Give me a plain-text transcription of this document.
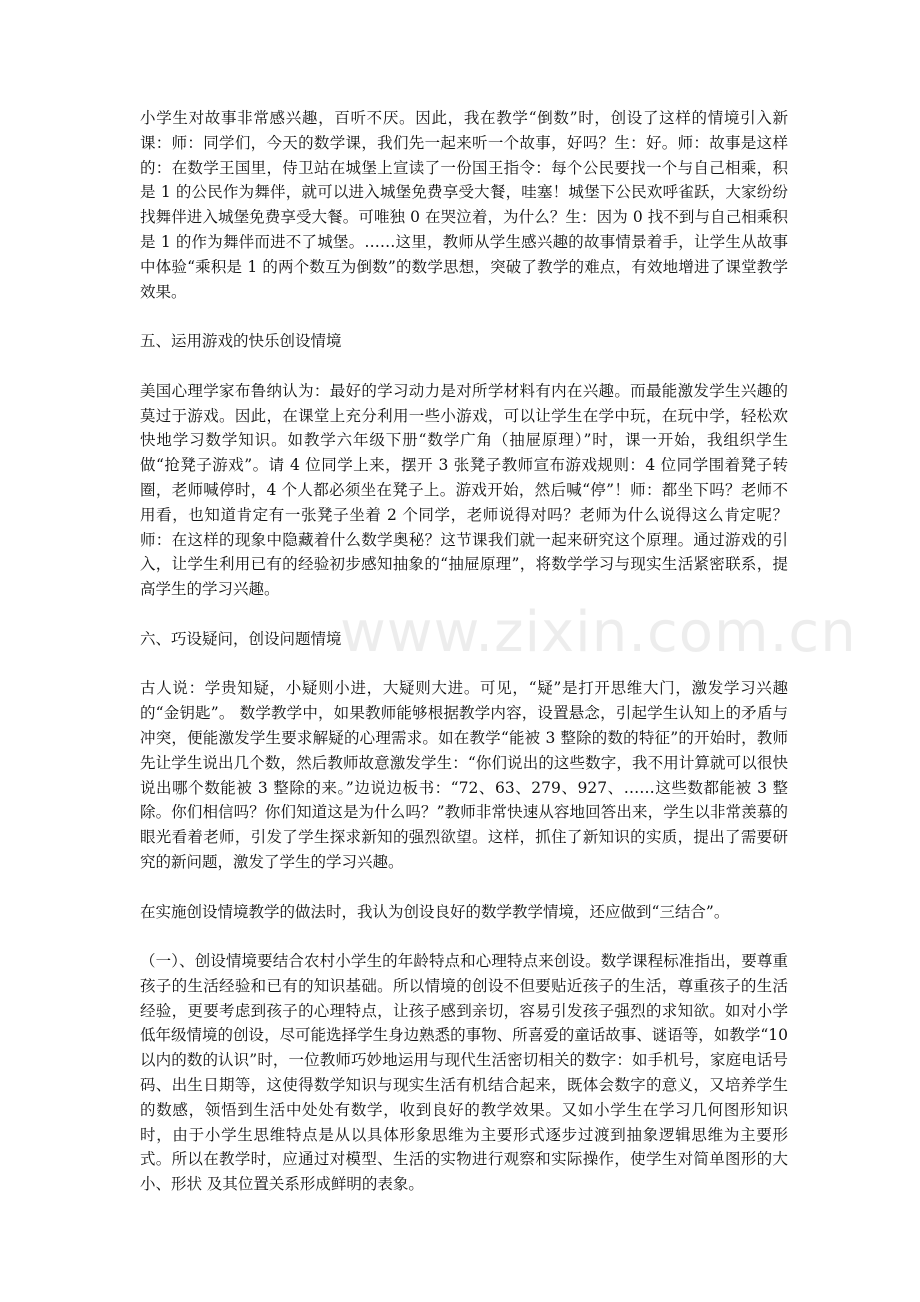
www.zixin.com.cn

小学生对故事非常感兴趣，百听不厌。因此，我在教学“倒数”时，创设了这样的情境引入新课：师：同学们，今天的数学课，我们先一起来听一个故事，好吗？生：好。师：故事是这样的：在数学王国里，侍卫站在城堡上宣读了一份国王指令：每个公民要找一个与自己相乘，积是 1 的公民作为舞伴，就可以进入城堡免费享受大餐，哇塞！城堡下公民欢呼雀跃，大家纷纷找舞伴进入城堡免费享受大餐。可唯独 0 在哭泣着，为什么？生：因为 0 找不到与自己相乘积是 1 的作为舞伴而进不了城堡。……这里，教师从学生感兴趣的故事情景着手，让学生从故事中体验“乘积是 1 的两个数互为倒数”的数学思想，突破了教学的难点，有效地增进了课堂教学效果。

五、运用游戏的快乐创设情境

美国心理学家布鲁纳认为：最好的学习动力是对所学材料有内在兴趣。而最能激发学生兴趣的莫过于游戏。因此，在课堂上充分利用一些小游戏，可以让学生在学中玩，在玩中学，轻松欢快地学习数学知识。如教学六年级下册“数学广角（抽屉原理）”时，课一开始，我组织学生做“抢凳子游戏”。请 4 位同学上来，摆开 3 张凳子教师宣布游戏规则：4 位同学围着凳子转圈，老师喊停时，4 个人都必须坐在凳子上。游戏开始，然后喊“停”！师：都坐下吗？老师不用看，也知道肯定有一张凳子坐着 2 个同学，老师说得对吗？老师为什么说得这么肯定呢？师：在这样的现象中隐藏着什么数学奥秘？这节课我们就一起来研究这个原理。通过游戏的引入，让学生利用已有的经验初步感知抽象的“抽屉原理”，将数学学习与现实生活紧密联系，提高学生的学习兴趣。

六、巧设疑问，创设问题情境

古人说：学贵知疑，小疑则小进，大疑则大进。可见，“疑”是打开思维大门，激发学习兴趣的“金钥匙”。 数学教学中，如果教师能够根据教学内容，设置悬念，引起学生认知上的矛盾与冲突，便能激发学生要求解疑的心理需求。如在教学“能被 3 整除的数的特征”的开始时，教师先让学生说出几个数，然后教师故意激发学生：“你们说出的这些数字，我不用计算就可以很快说出哪个数能被 3 整除的来。”边说边板书：“72、63、279、927、……这些数都能被 3 整除。你们相信吗？你们知道这是为什么吗？”教师非常快速从容地回答出来，学生以非常羡慕的眼光看着老师，引发了学生探求新知的强烈欲望。这样，抓住了新知识的实质，提出了需要研究的新问题，激发了学生的学习兴趣。

在实施创设情境教学的做法时，我认为创设良好的数学教学情境，还应做到“三结合”。

（一）、创设情境要结合农村小学生的年龄特点和心理特点来创设。数学课程标准指出，要尊重孩子的生活经验和已有的知识基础。所以情境的创设不但要贴近孩子的生活，尊重孩子的生活经验，更要考虑到孩子的心理特点，让孩子感到亲切，容易引发孩子强烈的求知欲。如对小学低年级情境的创设，尽可能选择学生身边熟悉的事物、所喜爱的童话故事、谜语等，如教学“10 以内的数的认识”时，一位教师巧妙地运用与现代生活密切相关的数字：如手机号，家庭电话号码、出生日期等，这使得数学知识与现实生活有机结合起来，既体会数字的意义，又培养学生的数感，领悟到生活中处处有数学，收到良好的教学效果。又如小学生在学习几何图形知识时，由于小学生思维特点是从以具体形象思维为主要形式逐步过渡到抽象逻辑思维为主要形式。所以在教学时，应通过对模型、生活的实物进行观察和实际操作，使学生对简单图形的大小、形状 及其位置关系形成鲜明的表象。
